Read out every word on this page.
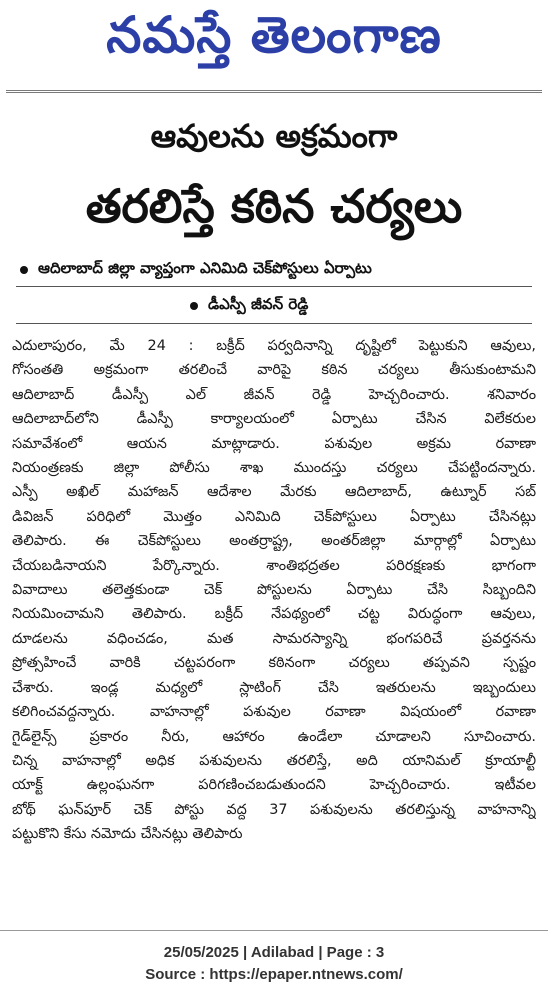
నమస్తే తెలంగాణ
ఆవులను అక్రమంగా
తరలిస్తే కఠిన చర్యలు
ఆదిలాబాద్ జిల్లా వ్యాప్తంగా ఎనిమిది చెక్‌పోస్టులు ఏర్పాటు
డీఎస్పీ జీవన్ రెడ్డి
ఎదులాపురం, మే 24 : బక్రీద్ పర్వదినాన్ని దృష్టిలో పెట్టుకుని ఆవులు,
గోసంతతి అక్రమంగా తరలించే వారిపై కఠిన చర్యలు తీసుకుంటామని
ఆదిలాబాద్ డీఎస్పీ ఎల్ జీవన్ రెడ్డి హెచ్చరించారు. శనివారం
ఆదిలాబాద్‌లోని డీఎస్పీ కార్యాలయంలో ఏర్పాటు చేసిన విలేకరుల
సమావేశంలో ఆయన మాట్లాడారు. పశువుల అక్రమ రవాణా
నియంత్రణకు జిల్లా పోలీసు శాఖ ముందస్తు చర్యలు చేపట్టిందన్నారు.
ఎస్పీ అఖిల్ మహాజన్ ఆదేశాల మేరకు ఆదిలాబాద్, ఉట్నూర్ సబ్
డివిజన్ పరిధిలో మొత్తం ఎనిమిది చెక్‌పోస్టులు ఏర్పాటు చేసినట్లు
తెలిపారు. ఈ చెక్‌పోస్టులు అంతర్రాష్ట్ర, అంతర్‌జిల్లా మార్గాల్లో ఏర్పాటు
చేయబడినాయని పేర్కొన్నారు. శాంతిభద్రతల పరిరక్షణకు భాగంగా
వివాదాలు తలెత్తకుండా చెక్ పోస్టులను ఏర్పాటు చేసి సిబ్బందిని
నియమించామని తెలిపారు. బక్రీద్ నేపథ్యంలో చట్ట విరుద్ధంగా ఆవులు,
దూడలను వధించడం, మత సామరస్యాన్ని భంగపరిచే ప్రవర్తనను
ప్రోత్సహించే వారికి చట్టపరంగా కఠినంగా చర్యలు తప్పవని స్పష్టం
చేశారు. ఇండ్ల మధ్యలో స్లాటింగ్ చేసి ఇతరులను ఇబ్బందులు
కలిగించవద్దన్నారు. వాహనాల్లో పశువుల రవాణా విషయంలో రవాణా
గైడ్‌లైన్స్ ప్రకారం నీరు, ఆహారం ఉండేలా చూడాలని సూచించారు.
చిన్న వాహనాల్లో అధిక పశువులను తరలిస్తే, అది యానిమల్ క్రూయాల్టీ
యాక్ట్ ఉల్లంఘనగా పరిగణించబడుతుందని హెచ్చరించారు. ఇటీవల
బోథ్ ఘన్‌పూర్ చెక్ పోస్టు వద్ద 37 పశువులను తరలిస్తున్న వాహనాన్ని
పట్టుకొని కేసు నమోదు చేసినట్లు తెలిపారు
25/05/2025 | Adilabad | Page : 3
Source : https://epaper.ntnews.com/
